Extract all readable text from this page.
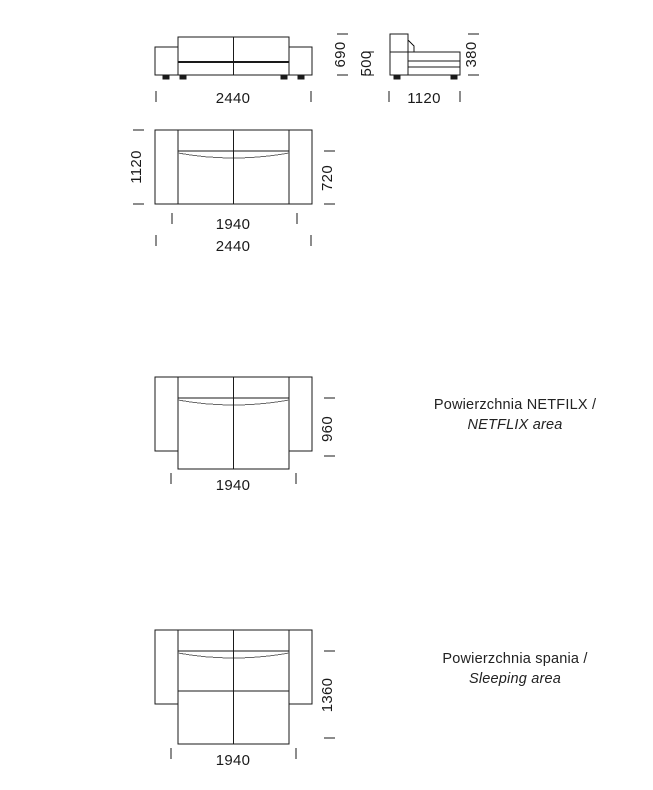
2440
690 500	380
1120
1120	720
1940
2440
960
1940
1360
1940
Powierzchnia NETFILX /
NETFLIX area
Powierzchnia spania /
Sleeping area
